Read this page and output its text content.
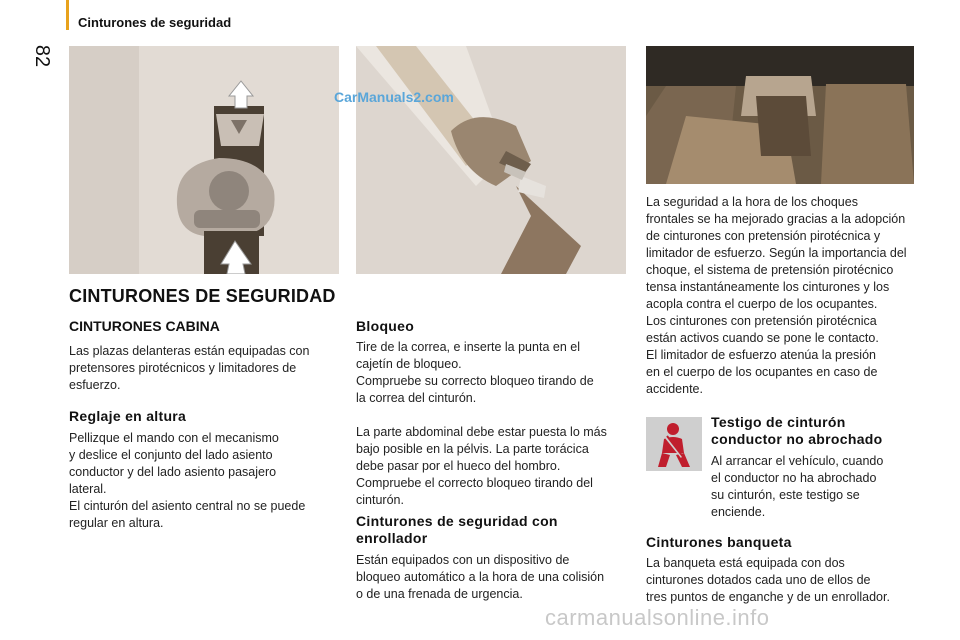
82
Cinturones de seguridad
CarManuals2.com
CINTURONES DE SEGURIDAD

CINTURONES CABINA

Las plazas delanteras están equipadas con
pretensores pirotécnicos y limitadores de
esfuerzo.

Reglaje en altura

Pellizque el mando con el mecanismo
y deslice el conjunto del lado asiento
conductor y del lado asiento pasajero
lateral.
El cinturón del asiento central no se puede
regular en altura.

Bloqueo

Tire de la correa, e inserte la punta en el
cajetín de bloqueo.
Compruebe su correcto bloqueo tirando de
la correa del cinturón.

La parte abdominal debe estar puesta lo más
bajo posible en la pélvis. La parte torácica
debe pasar por el hueco del hombro.
Compruebe el correcto bloqueo tirando del
cinturón.

Cinturones de seguridad con
enrollador

Están equipados con un dispositivo de
bloqueo automático a la hora de una colisión
o de una frenada de urgencia.

La seguridad a la hora de los choques
frontales se ha mejorado gracias a la adopción
de cinturones con pretensión pirotécnica y
limitador de esfuerzo. Según la importancia del
choque, el sistema de pretensión pirotécnico
tensa instantáneamente los cinturones y los
acopla contra el cuerpo de los ocupantes.
Los cinturones con pretensión pirotécnica
están activos cuando se pone le contacto.
El limitador de esfuerzo atenúa la presión
en el cuerpo de los ocupantes en caso de
accidente.

Testigo de cinturón
conductor no abrochado

Al arrancar el vehículo, cuando
el conductor no ha abrochado
su cinturón, este testigo se
enciende.

Cinturones banqueta

La banqueta está equipada con dos
cinturones dotados cada uno de ellos de
tres puntos de enganche y de un enrollador.

carmanualsonline.info
